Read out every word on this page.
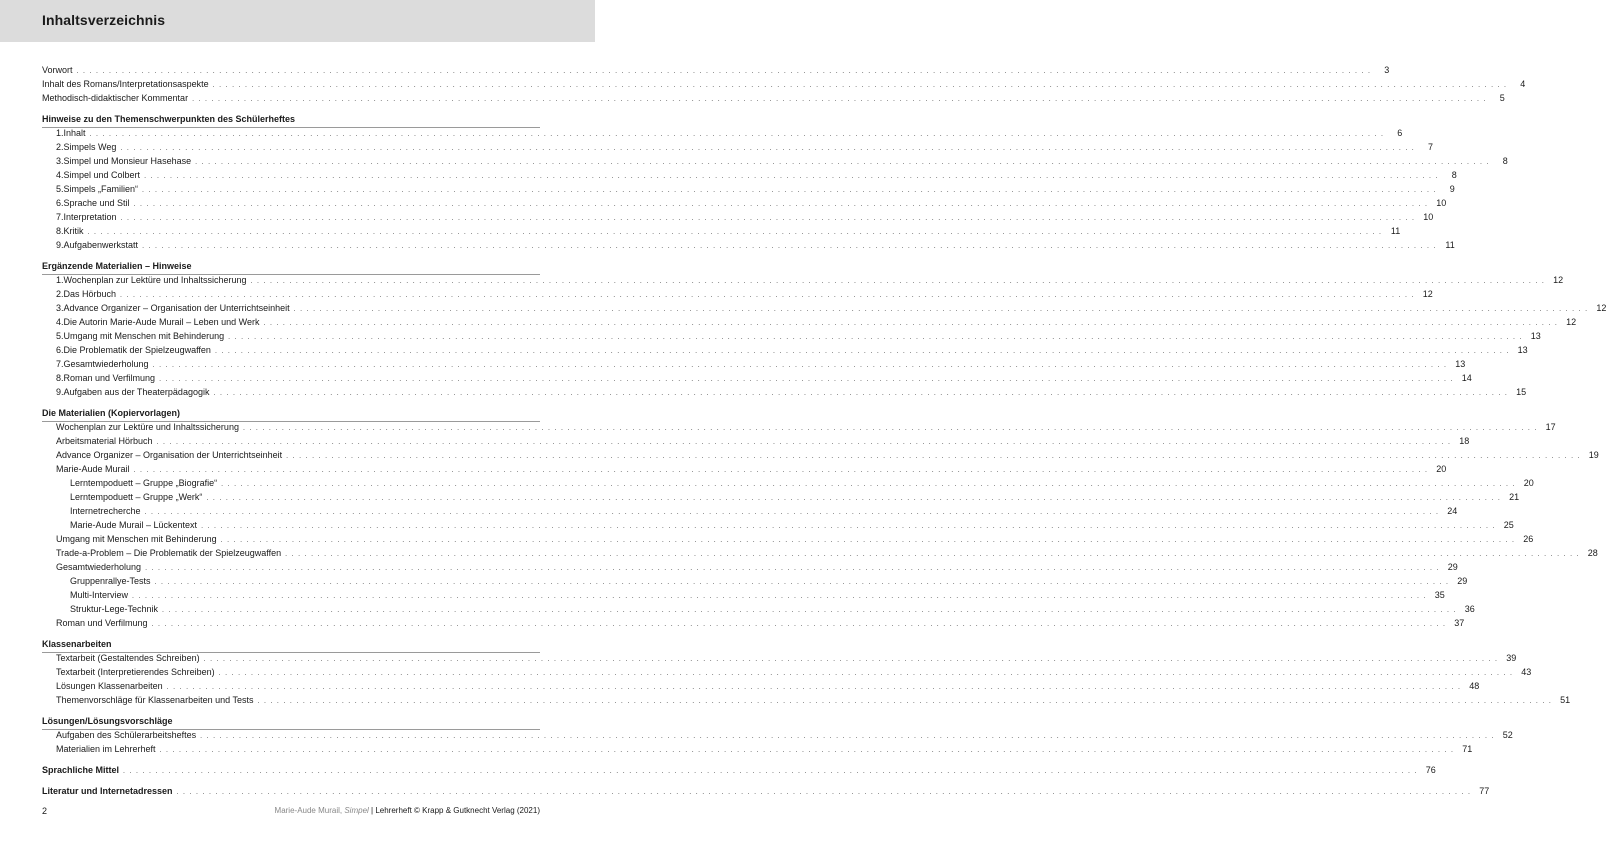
Inhaltsverzeichnis
Vorwort . . . . . . . . . . . . . . . . . . . . . . . . . . . . . . . . . . . . . . . . . . . . . . . . . . . . . . . . . . . . . . . . . . . . . . . . . . . . . . . . . . . . . . . . . . . . . . . . . . . . . . . . . . . . . . . . . . . . . . . . . . . . . . . . . . . . . . . . . . . . . . . . . . . . . . . . . . . . . . . . . . . . . . . . . . . . . . . . . . . . . . . . . . . . . . . . . . . . . . . .	3
Inhalt des Romans/Interpretationsaspekte . . . . . . . . . . . . . . . . . . . . . . . . . . . . . . . . . . . . . . . . . . . . . . . . . . . . . . . . . . . . . . . . . . . . . . . . . . . . . . . . . . . . . . . . . . . . . . . . . . . . . . . . . . . . . . . . . . . . . . . . . . . . . . . . . . . . . . . . . . . . . . . . . . . . . . . . . . . . . . . . . . . . . . . . . . . . . . . . . . . . . . . . . . . . . . . . . . . . . . . .	4
Methodisch-didaktischer Kommentar . . . . . . . . . . . . . . . . . . . . . . . . . . . . . . . . . . . . . . . . . . . . . . . . . . . . . . . . . . . . . . . . . . . . . . . . . . . . . . . . . . . . . . . . . . . . . . . . . . . . . . . . . . . . . . . . . . . . . . . . . . . . . . . . . . . . . . . . . . . . . . . . . . . . . . . . . . . . . . . . . . . . . . . . . . . . . . . . . . . . . . . . . . . . . . . . . . . . . . . .	5
Hinweise zu den Themenschwerpunkten des Schülerheftes
1. Inhalt . . . . . . . . . . . . . . . . . . . . . . . . . . . . . . . . . . . . . . . . . . . . . . . . . . . . . . . . . . . . . . . . . . . . . . . . . . . . . . . . . . . . . . . . . . . . . . . . . . . . . . . . . . . . . . . . . . . . . . . . . . . . . . . . . . . . . . . . . . . . . . . . . . . . . . . . . . . . . . . . . . . . . . . . . . . . . . . . . . . . . . . . . . . . . . . . . . . . . . . .	6
2. Simpels Weg . . . . . . . . . . . . . . . . . . . . . . . . . . . . . . . . . . . . . . . . . . . . . . . . . . . . . . . . . . . . . . . . . . . . . . . . . . . . . . . . . . . . . . . . . . . . . . . . . . . . . . . . . . . . . . . . . . . . . . . . . . . . . . . . . . . . . . . . . . . . . . . . . . . . . . . . . . . . . . . . . . . . . . . . . . . . . . . . . . . . . . . . . . . . . . . . . . . . . . . .	7
3. Simpel und Monsieur Hasehase . . . . . . . . . . . . . . . . . . . . . . . . . . . . . . . . . . . . . . . . . . . . . . . . . . . . . . . . . . . . . . . . . . . . . . . . . . . . . . . . . . . . . . . . . . . . . . . . . . . . . . . . . . . . . . . . . . . . . . . . . . . . . . . . . . . . . . . . . . . . . . . . . . . . . . . . . . . . . . . . . . . . . . . . . . . . . . . . . . . . . . . . . . . . . . . . . . . . . . . .	8
4. Simpel und Colbert . . . . . . . . . . . . . . . . . . . . . . . . . . . . . . . . . . . . . . . . . . . . . . . . . . . . . . . . . . . . . . . . . . . . . . . . . . . . . . . . . . . . . . . . . . . . . . . . . . . . . . . . . . . . . . . . . . . . . . . . . . . . . . . . . . . . . . . . . . . . . . . . . . . . . . . . . . . . . . . . . . . . . . . . . . . . . . . . . . . . . . . . . . . . . . . . . . . . . . . .	8
5. Simpels „Familien“ . . . . . . . . . . . . . . . . . . . . . . . . . . . . . . . . . . . . . . . . . . . . . . . . . . . . . . . . . . . . . . . . . . . . . . . . . . . . . . . . . . . . . . . . . . . . . . . . . . . . . . . . . . . . . . . . . . . . . . . . . . . . . . . . . . . . . . . . . . . . . . . . . . . . . . . . . . . . . . . . . . . . . . . . . . . . . . . . . . . . . . . . . . . . . . . . . . . . . . . .	9
6. Sprache und Stil . . . . . . . . . . . . . . . . . . . . . . . . . . . . . . . . . . . . . . . . . . . . . . . . . . . . . . . . . . . . . . . . . . . . . . . . . . . . . . . . . . . . . . . . . . . . . . . . . . . . . . . . . . . . . . . . . . . . . . . . . . . . . . . . . . . . . . . . . . . . . . . . . . . . . . . . . . . . . . . . . . . . . . . . . . . . . . . . . . . . . . . . . . . . . . . . . . . . . . . . 10
7. Interpretation . . . . . . . . . . . . . . . . . . . . . . . . . . . . . . . . . . . . . . . . . . . . . . . . . . . . . . . . . . . . . . . . . . . . . . . . . . . . . . . . . . . . . . . . . . . . . . . . . . . . . . . . . . . . . . . . . . . . . . . . . . . . . . . . . . . . . . . . . . . . . . . . . . . . . . . . . . . . . . . . . . . . . . . . . . . . . . . . . . . . . . . . . . . . . . . . . . . . . . . . 10
8. Kritik . . . . . . . . . . . . . . . . . . . . . . . . . . . . . . . . . . . . . . . . . . . . . . . . . . . . . . . . . . . . . . . . . . . . . . . . . . . . . . . . . . . . . . . . . . . . . . . . . . . . . . . . . . . . . . . . . . . . . . . . . . . . . . . . . . . . . . . . . . . . . . . . . . . . . . . . . . . . . . . . . . . . . . . . . . . . . . . . . . . . . . . . . . . . . . . . . . . . . . . . 11
9. Aufgabenwerkstatt . . . . . . . . . . . . . . . . . . . . . . . . . . . . . . . . . . . . . . . . . . . . . . . . . . . . . . . . . . . . . . . . . . . . . . . . . . . . . . . . . . . . . . . . . . . . . . . . . . . . . . . . . . . . . . . . . . . . . . . . . . . . . . . . . . . . . . . . . . . . . . . . . . . . . . . . . . . . . . . . . . . . . . . . . . . . . . . . . . . . . . . . . . . . . . . . . . . . . . . . 11
Ergänzende Materialien – Hinweise
1. Wochenplan zur Lektüre und Inhaltssicherung . . . . . . . . . . . . . . . . . . . . . . . . . . . . . . . . . . . . . . . . . . . . . . . . . . . . . . . . . . . . . . . . . . . . . . . . . . . . . . . . . . . . . . . . . . . . . . . . . . . . . . . . . . . . . . . . . . . . . . . . . . . . . . . . . . . . . . . . . . . . . . . . . . . . . . . . . . . . . . . . . . . . . . . . . . . . . . . . . . . . . . . . . . . . . . . . . . . . . . . . 12
2. Das Hörbuch . . . . . . . . . . . . . . . . . . . . . . . . . . . . . . . . . . . . . . . . . . . . . . . . . . . . . . . . . . . . . . . . . . . . . . . . . . . . . . . . . . . . . . . . . . . . . . . . . . . . . . . . . . . . . . . . . . . . . . . . . . . . . . . . . . . . . . . . . . . . . . . . . . . . . . . . . . . . . . . . . . . . . . . . . . . . . . . . . . . . . . . . . . . . . . . . . . . . . . . . 12
3. Advance Organizer – Organisation der Unterrichtseinheit . . . . . . . . . . . . . . . . . . . . . . . . . . . . . . . . . . . . . . . . . . . . . . . . . . . . . . . . . . . . . . . . . . . . . . . . . . . . . . . . . . . . . . . . . . . . . . . . . . . . . . . . . . . . . . . . . . . . . . . . . . . . . . . . . . . . . . . . . . . . . . . . . . . . . . . . . . . . . . . . . . . . . . . . . . . . . . . . . . . . . . . . . . . . . . . . . . . . . . . . 12
4. Die Autorin Marie-Aude Murail – Leben und Werk . . . . . . . . . . . . . . . . . . . . . . . . . . . . . . . . . . . . . . . . . . . . . . . . . . . . . . . . . . . . . . . . . . . . . . . . . . . . . . . . . . . . . . . . . . . . . . . . . . . . . . . . . . . . . . . . . . . . . . . . . . . . . . . . . . . . . . . . . . . . . . . . . . . . . . . . . . . . . . . . . . . . . . . . . . . . . . . . . . . . . . . . . . . . . . . . . . . . . . . . 12
5. Umgang mit Menschen mit Behinderung . . . . . . . . . . . . . . . . . . . . . . . . . . . . . . . . . . . . . . . . . . . . . . . . . . . . . . . . . . . . . . . . . . . . . . . . . . . . . . . . . . . . . . . . . . . . . . . . . . . . . . . . . . . . . . . . . . . . . . . . . . . . . . . . . . . . . . . . . . . . . . . . . . . . . . . . . . . . . . . . . . . . . . . . . . . . . . . . . . . . . . . . . . . . . . . . . . . . . . . . 13
6. Die Problematik der Spielzeugwaffen . . . . . . . . . . . . . . . . . . . . . . . . . . . . . . . . . . . . . . . . . . . . . . . . . . . . . . . . . . . . . . . . . . . . . . . . . . . . . . . . . . . . . . . . . . . . . . . . . . . . . . . . . . . . . . . . . . . . . . . . . . . . . . . . . . . . . . . . . . . . . . . . . . . . . . . . . . . . . . . . . . . . . . . . . . . . . . . . . . . . . . . . . . . . . . . . . . . . . . . . 13
7. Gesamtwiederholung . . . . . . . . . . . . . . . . . . . . . . . . . . . . . . . . . . . . . . . . . . . . . . . . . . . . . . . . . . . . . . . . . . . . . . . . . . . . . . . . . . . . . . . . . . . . . . . . . . . . . . . . . . . . . . . . . . . . . . . . . . . . . . . . . . . . . . . . . . . . . . . . . . . . . . . . . . . . . . . . . . . . . . . . . . . . . . . . . . . . . . . . . . . . . . . . . . . . . . . . 13
8. Roman und Verfilmung . . . . . . . . . . . . . . . . . . . . . . . . . . . . . . . . . . . . . . . . . . . . . . . . . . . . . . . . . . . . . . . . . . . . . . . . . . . . . . . . . . . . . . . . . . . . . . . . . . . . . . . . . . . . . . . . . . . . . . . . . . . . . . . . . . . . . . . . . . . . . . . . . . . . . . . . . . . . . . . . . . . . . . . . . . . . . . . . . . . . . . . . . . . . . . . . . . . . . . . . 14
9. Aufgaben aus der Theaterpädagogik . . . . . . . . . . . . . . . . . . . . . . . . . . . . . . . . . . . . . . . . . . . . . . . . . . . . . . . . . . . . . . . . . . . . . . . . . . . . . . . . . . . . . . . . . . . . . . . . . . . . . . . . . . . . . . . . . . . . . . . . . . . . . . . . . . . . . . . . . . . . . . . . . . . . . . . . . . . . . . . . . . . . . . . . . . . . . . . . . . . . . . . . . . . . . . . . . . . . . . . . 15
Die Materialien (Kopiervorlagen)
Wochenplan zur Lektüre und Inhaltssicherung . . . . . . . . . . . . . . . . . . . . . . . . . . . . . . . . . . . . . . . . . . . . . . . . . . . . . . . . . . . . . . . . . . . . . . . . . . . . . . . . . . . . . . . . . . . . . . . . . . . . . . . . . . . . . . . . . . . . . . . . . . . . . . . . . . . . . . . . . . . . . . . . . . . . . . . . . . . . . . . . . . . . . . . . . . . . . . . . . . . . . . . . . . . . . . . . . . . . . . . . 17
Arbeitsmaterial Hörbuch . . . . . . . . . . . . . . . . . . . . . . . . . . . . . . . . . . . . . . . . . . . . . . . . . . . . . . . . . . . . . . . . . . . . . . . . . . . . . . . . . . . . . . . . . . . . . . . . . . . . . . . . . . . . . . . . . . . . . . . . . . . . . . . . . . . . . . . . . . . . . . . . . . . . . . . . . . . . . . . . . . . . . . . . . . . . . . . . . . . . . . . . . . . . . . . . . . . . . . . . 18
Advance Organizer – Organisation der Unterrichtseinheit . . . . . . . . . . . . . . . . . . . . . . . . . . . . . . . . . . . . . . . . . . . . . . . . . . . . . . . . . . . . . . . . . . . . . . . . . . . . . . . . . . . . . . . . . . . . . . . . . . . . . . . . . . . . . . . . . . . . . . . . . . . . . . . . . . . . . . . . . . . . . . . . . . . . . . . . . . . . . . . . . . . . . . . . . . . . . . . . . . . . . . . . . . . . . . . . . . . . . . . . 19
Marie-Aude Murail . . . . . . . . . . . . . . . . . . . . . . . . . . . . . . . . . . . . . . . . . . . . . . . . . . . . . . . . . . . . . . . . . . . . . . . . . . . . . . . . . . . . . . . . . . . . . . . . . . . . . . . . . . . . . . . . . . . . . . . . . . . . . . . . . . . . . . . . . . . . . . . . . . . . . . . . . . . . . . . . . . . . . . . . . . . . . . . . . . . . . . . . . . . . . . . . . . . . . . . . 20
Lerntempoduett – Gruppe „Biografie“ . . . . . . . . . . . . . . . . . . . . . . . . . . . . . . . . . . . . . . . . . . . . . . . . . . . . . . . . . . . . . . . . . . . . . . . . . . . . . . . . . . . . . . . . . . . . . . . . . . . . . . . . . . . . . . . . . . . . . . . . . . . . . . . . . . . . . . . . . . . . . . . . . . . . . . . . . . . . . . . . . . . . . . . . . . . . . . . . . . . . . . . . . . . . . . . . . . . . . . . . 20
Lerntempoduett – Gruppe „Werk“ . . . . . . . . . . . . . . . . . . . . . . . . . . . . . . . . . . . . . . . . . . . . . . . . . . . . . . . . . . . . . . . . . . . . . . . . . . . . . . . . . . . . . . . . . . . . . . . . . . . . . . . . . . . . . . . . . . . . . . . . . . . . . . . . . . . . . . . . . . . . . . . . . . . . . . . . . . . . . . . . . . . . . . . . . . . . . . . . . . . . . . . . . . . . . . . . . . . . . . . . 21
Internetrecherche . . . . . . . . . . . . . . . . . . . . . . . . . . . . . . . . . . . . . . . . . . . . . . . . . . . . . . . . . . . . . . . . . . . . . . . . . . . . . . . . . . . . . . . . . . . . . . . . . . . . . . . . . . . . . . . . . . . . . . . . . . . . . . . . . . . . . . . . . . . . . . . . . . . . . . . . . . . . . . . . . . . . . . . . . . . . . . . . . . . . . . . . . . . . . . . . . . . . . . . . 24
Marie-Aude Murail – Lückentext . . . . . . . . . . . . . . . . . . . . . . . . . . . . . . . . . . . . . . . . . . . . . . . . . . . . . . . . . . . . . . . . . . . . . . . . . . . . . . . . . . . . . . . . . . . . . . . . . . . . . . . . . . . . . . . . . . . . . . . . . . . . . . . . . . . . . . . . . . . . . . . . . . . . . . . . . . . . . . . . . . . . . . . . . . . . . . . . . . . . . . . . . . . . . . . . . . . . . . . . 25
Umgang mit Menschen mit Behinderung . . . . . . . . . . . . . . . . . . . . . . . . . . . . . . . . . . . . . . . . . . . . . . . . . . . . . . . . . . . . . . . . . . . . . . . . . . . . . . . . . . . . . . . . . . . . . . . . . . . . . . . . . . . . . . . . . . . . . . . . . . . . . . . . . . . . . . . . . . . . . . . . . . . . . . . . . . . . . . . . . . . . . . . . . . . . . . . . . . . . . . . . . . . . . . . . . . . . . . . . 26
Trade-a-Problem – Die Problematik der Spielzeugwaffen . . . . . . . . . . . . . . . . . . . . . . . . . . . . . . . . . . . . . . . . . . . . . . . . . . . . . . . . . . . . . . . . . . . . . . . . . . . . . . . . . . . . . . . . . . . . . . . . . . . . . . . . . . . . . . . . . . . . . . . . . . . . . . . . . . . . . . . . . . . . . . . . . . . . . . . . . . . . . . . . . . . . . . . . . . . . . . . . . . . . . . . . . . . . . . . . . . . . . . . . 28
Gesamtwiederholung . . . . . . . . . . . . . . . . . . . . . . . . . . . . . . . . . . . . . . . . . . . . . . . . . . . . . . . . . . . . . . . . . . . . . . . . . . . . . . . . . . . . . . . . . . . . . . . . . . . . . . . . . . . . . . . . . . . . . . . . . . . . . . . . . . . . . . . . . . . . . . . . . . . . . . . . . . . . . . . . . . . . . . . . . . . . . . . . . . . . . . . . . . . . . . . . . . . . . . . . 29
Gruppenrallye-Tests . . . . . . . . . . . . . . . . . . . . . . . . . . . . . . . . . . . . . . . . . . . . . . . . . . . . . . . . . . . . . . . . . . . . . . . . . . . . . . . . . . . . . . . . . . . . . . . . . . . . . . . . . . . . . . . . . . . . . . . . . . . . . . . . . . . . . . . . . . . . . . . . . . . . . . . . . . . . . . . . . . . . . . . . . . . . . . . . . . . . . . . . . . . . . . . . . . . . . . . . 29
Multi-Interview . . . . . . . . . . . . . . . . . . . . . . . . . . . . . . . . . . . . . . . . . . . . . . . . . . . . . . . . . . . . . . . . . . . . . . . . . . . . . . . . . . . . . . . . . . . . . . . . . . . . . . . . . . . . . . . . . . . . . . . . . . . . . . . . . . . . . . . . . . . . . . . . . . . . . . . . . . . . . . . . . . . . . . . . . . . . . . . . . . . . . . . . . . . . . . . . . . . . . . . . 35
Struktur-Lege-Technik . . . . . . . . . . . . . . . . . . . . . . . . . . . . . . . . . . . . . . . . . . . . . . . . . . . . . . . . . . . . . . . . . . . . . . . . . . . . . . . . . . . . . . . . . . . . . . . . . . . . . . . . . . . . . . . . . . . . . . . . . . . . . . . . . . . . . . . . . . . . . . . . . . . . . . . . . . . . . . . . . . . . . . . . . . . . . . . . . . . . . . . . . . . . . . . . . . . . . . . . 36
Roman und Verfilmung . . . . . . . . . . . . . . . . . . . . . . . . . . . . . . . . . . . . . . . . . . . . . . . . . . . . . . . . . . . . . . . . . . . . . . . . . . . . . . . . . . . . . . . . . . . . . . . . . . . . . . . . . . . . . . . . . . . . . . . . . . . . . . . . . . . . . . . . . . . . . . . . . . . . . . . . . . . . . . . . . . . . . . . . . . . . . . . . . . . . . . . . . . . . . . . . . . . . . . . . 37
Klassenarbeiten
Textarbeit (Gestaltendes Schreiben) . . . . . . . . . . . . . . . . . . . . . . . . . . . . . . . . . . . . . . . . . . . . . . . . . . . . . . . . . . . . . . . . . . . . . . . . . . . . . . . . . . . . . . . . . . . . . . . . . . . . . . . . . . . . . . . . . . . . . . . . . . . . . . . . . . . . . . . . . . . . . . . . . . . . . . . . . . . . . . . . . . . . . . . . . . . . . . . . . . . . . . . . . . . . . . . . . . . . . . . . 39
Textarbeit (Interpretierendes Schreiben) . . . . . . . . . . . . . . . . . . . . . . . . . . . . . . . . . . . . . . . . . . . . . . . . . . . . . . . . . . . . . . . . . . . . . . . . . . . . . . . . . . . . . . . . . . . . . . . . . . . . . . . . . . . . . . . . . . . . . . . . . . . . . . . . . . . . . . . . . . . . . . . . . . . . . . . . . . . . . . . . . . . . . . . . . . . . . . . . . . . . . . . . . . . . . . . . . . . . . . . . 43
Lösungen Klassenarbeiten . . . . . . . . . . . . . . . . . . . . . . . . . . . . . . . . . . . . . . . . . . . . . . . . . . . . . . . . . . . . . . . . . . . . . . . . . . . . . . . . . . . . . . . . . . . . . . . . . . . . . . . . . . . . . . . . . . . . . . . . . . . . . . . . . . . . . . . . . . . . . . . . . . . . . . . . . . . . . . . . . . . . . . . . . . . . . . . . . . . . . . . . . . . . . . . . . . . . . . . . 48
Themenvorschläge für Klassenarbeiten und Tests . . . . . . . . . . . . . . . . . . . . . . . . . . . . . . . . . . . . . . . . . . . . . . . . . . . . . . . . . . . . . . . . . . . . . . . . . . . . . . . . . . . . . . . . . . . . . . . . . . . . . . . . . . . . . . . . . . . . . . . . . . . . . . . . . . . . . . . . . . . . . . . . . . . . . . . . . . . . . . . . . . . . . . . . . . . . . . . . . . . . . . . . . . . . . . . . . . . . . . . . 51
Lösungen/Lösungsvorschläge
Aufgaben des Schülerarbeitsheftes . . . . . . . . . . . . . . . . . . . . . . . . . . . . . . . . . . . . . . . . . . . . . . . . . . . . . . . . . . . . . . . . . . . . . . . . . . . . . . . . . . . . . . . . . . . . . . . . . . . . . . . . . . . . . . . . . . . . . . . . . . . . . . . . . . . . . . . . . . . . . . . . . . . . . . . . . . . . . . . . . . . . . . . . . . . . . . . . . . . . . . . . . . . . . . . . . . . . . . . . 52
Materialien im Lehrerheft . . . . . . . . . . . . . . . . . . . . . . . . . . . . . . . . . . . . . . . . . . . . . . . . . . . . . . . . . . . . . . . . . . . . . . . . . . . . . . . . . . . . . . . . . . . . . . . . . . . . . . . . . . . . . . . . . . . . . . . . . . . . . . . . . . . . . . . . . . . . . . . . . . . . . . . . . . . . . . . . . . . . . . . . . . . . . . . . . . . . . . . . . . . . . . . . . . . . . . . . 71
Sprachliche Mittel . . . . . . . . . . . . . . . . . . . . . . . . . . . . . . . . . . . . . . . . . . . . . . . . . . . . . . . . . . . . . . . . . . . . . . . . . . . . . . . . . . . . . . . . . . . . . . . . . . . . . . . . . . . . . . . . . . . . . . . . . . . . . . . . . . . . . . . . . . . . . . . . . . . . . . . . . . . . . . . . . . . . . . . . . . . . . . . . . . . . . . . . . . . . . . . . . . . . . . . . 76
Literatur und Internetadressen . . . . . . . . . . . . . . . . . . . . . . . . . . . . . . . . . . . . . . . . . . . . . . . . . . . . . . . . . . . . . . . . . . . . . . . . . . . . . . . . . . . . . . . . . . . . . . . . . . . . . . . . . . . . . . . . . . . . . . . . . . . . . . . . . . . . . . . . . . . . . . . . . . . . . . . . . . . . . . . . . . . . . . . . . . . . . . . . . . . . . . . . . . . . . . . . . . . . . . . . 77
2	Marie-Aude Murail, Simpel | Lehrerheft © Krapp & Gutknecht Verlag (2021)
